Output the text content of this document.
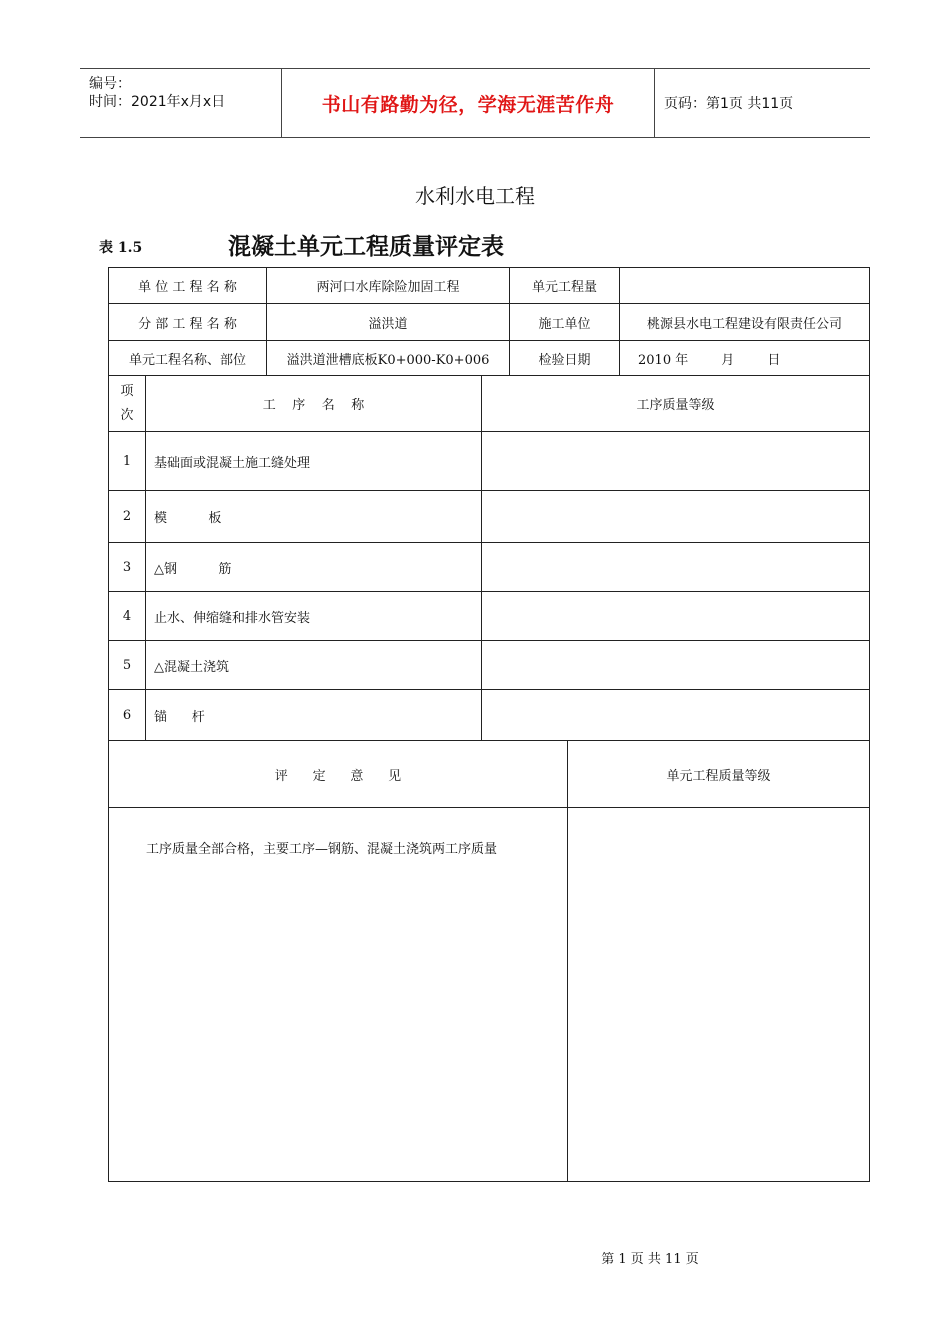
编号：
时间：2021年x月x日	书山有路勤为径，学海无涯苦作舟	页码：第1页 共11页
水利水电工程
表 1.5	混凝土单元工程质量评定表
单 位 工 程 名 称	两河口水库除险加固工程	单元工程量
分 部 工 程 名 称	溢洪道	施工单位	桃源县水电工程建设有限责任公司
单元工程名称、部位	溢洪道泄槽底板K0+000-K0+006	检验日期	2010 年        月        日
项
次
工    序    名    称	工序质量等级
1	基础面或混凝土施工缝处理
2	模          板
3	△钢          筋
4	止水、伸缩缝和排水管安装
5	△混凝土浇筑
6	锚      杆
评      定      意      见	单元工程质量等级
工序质量全部合格，主要工序—钢筋、混凝土浇筑两工序质量
第 1 页 共 11 页
